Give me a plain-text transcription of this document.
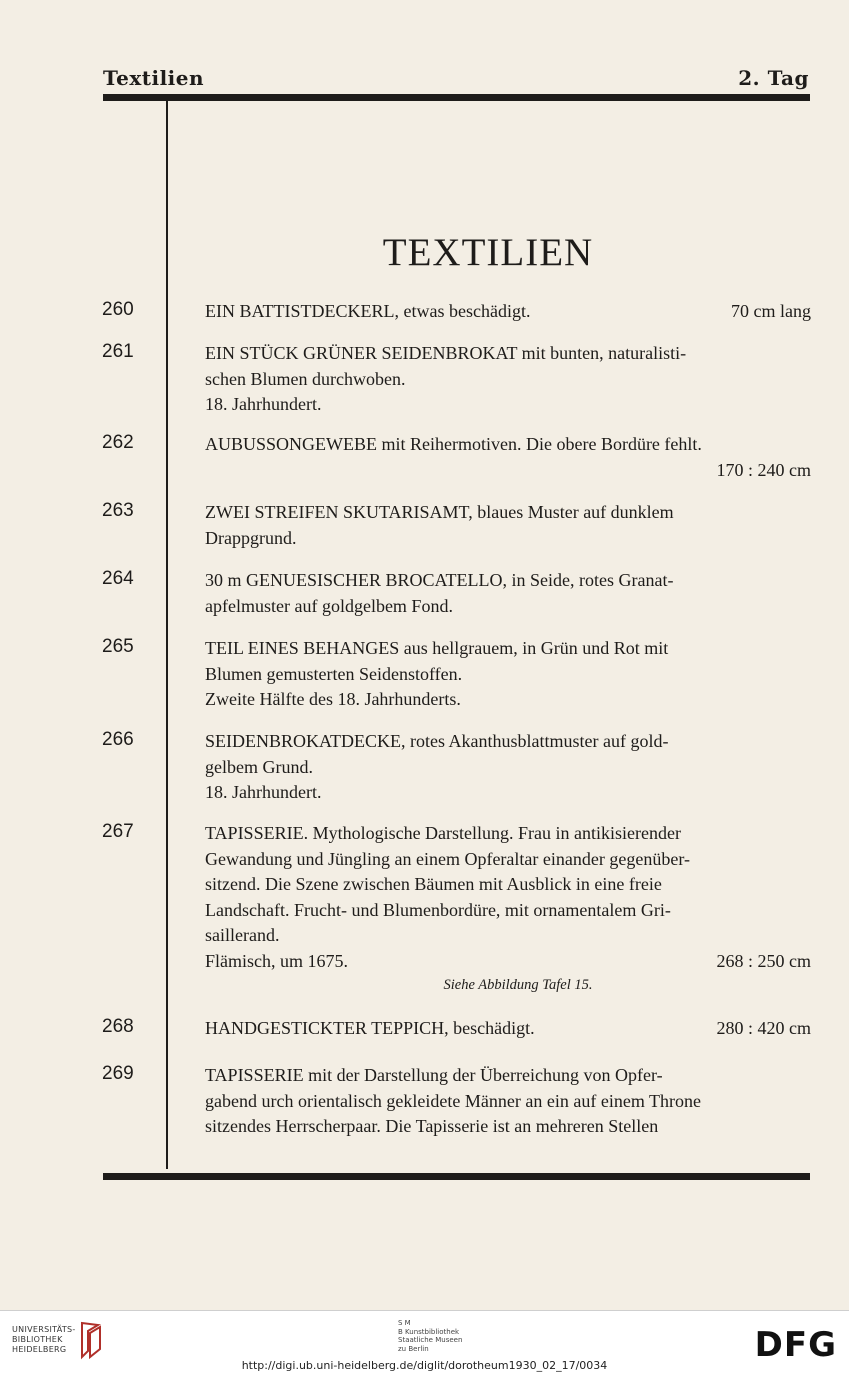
Textilien	2. Tag
TEXTILIEN
260	EIN BATTISTDECKERL, etwas beschädigt.	70 cm lang
261	EIN STÜCK GRÜNER SEIDENBROKAT mit bunten, naturalisti-
schen Blumen durchwoben.
18. Jahrhundert.
262	AUBUSSONGEWEBE mit Reihermotiven. Die obere Bordüre fehlt.
170 : 240 cm
263	ZWEI STREIFEN SKUTARISAMT, blaues Muster auf dunklem
Drappgrund.
264	30 m GENUESISCHER BROCATELLO, in Seide, rotes Granat-
apfelmuster auf goldgelbem Fond.
265	TEIL EINES BEHANGES aus hellgrauem, in Grün und Rot mit
Blumen gemusterten Seidenstoffen.
Zweite Hälfte des 18. Jahrhunderts.
266	SEIDENBROKATDECKE, rotes Akanthusblattmuster auf gold-
gelbem Grund.
18. Jahrhundert.
267	TAPISSERIE. Mythologische Darstellung. Frau in antikisierender
Gewandung und Jüngling an einem Opferaltar einander gegenüber-
sitzend. Die Szene zwischen Bäumen mit Ausblick in eine freie
Landschaft. Frucht- und Blumenbordüre, mit ornamentalem Gri-
saillerand.
Flämisch, um 1675.	268 : 250 cm
Siehe Abbildung Tafel 15.
268	HANDGESTICKTER TEPPICH, beschädigt.	280 : 420 cm
269	TAPISSERIE mit der Darstellung der Überreichung von Opfer-
gabend urch orientalisch gekleidete Männer an ein auf einem Throne
sitzendes Herrscherpaar. Die Tapisserie ist an mehreren Stellen
UNIVERSITÄTS-
BIBLIOTHEK
HEIDELBERG
S M
B Kunstbibliothek
Staatliche Museen
zu Berlin	DFG
http://digi.ub.uni-heidelberg.de/diglit/dorotheum1930_02_17/0034
